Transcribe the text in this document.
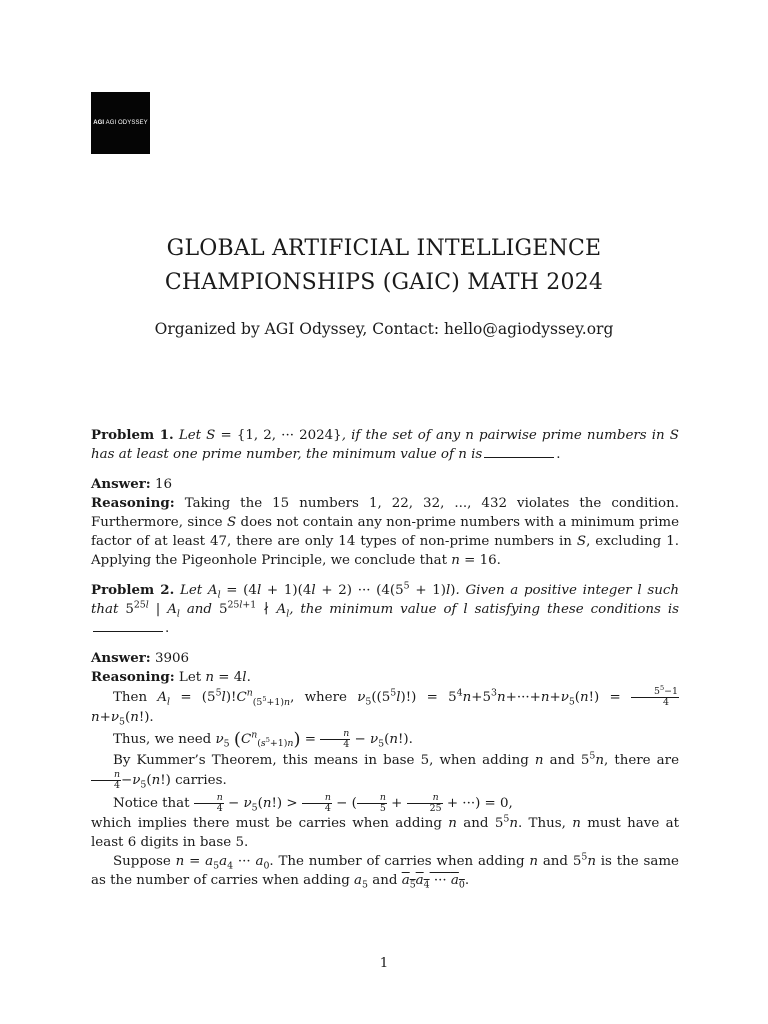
AGI AGI ODYSSEY
GLOBAL ARTIFICIAL INTELLIGENCE
CHAMPIONSHIPS (GAIC) MATH 2024
Organized by AGI Odyssey, Contact: hello@agiodyssey.org

Problem 1. Let S = {1, 2, ··· 2024}, if the set of any n pairwise prime numbers in S has at least one prime number, the minimum value of n is	.

Answer: 16

Reasoning: Taking the 15 numbers 1, 22, 32, ..., 432 violates the condition. Furthermore, since S does not contain any non-prime numbers with a minimum prime factor of at least 47, there are only 14 types of non-prime numbers in S, excluding 1. Applying the Pigeonhole Principle, we conclude that n = 16.

Problem 2. Let $A_l = (4l + 1)(4l + 2)$ ··· $(4(5^5 + 1)l)$. Given a positive integer l such that $5^{25l}$ | $A_l$ and $5^{25l+1}$ ∤ $A_l$, the minimum value of l satisfying these conditions is.

Answer: 3906

Reasoning: Let n = 4l.

Then $A_l = (5^5l)!C^n_{(5^5+1)n}$, where $\nu_5((5^5l)!) = 5^4n+5^3n+\cdot\cdot\cdot+n+\nu_5(n!) = \frac{5^5-1}{4}$
$n+\nu_5(n!)$.

Thus, we need $\nu_5$ $(C^n_{(s^5+1)n}) = \frac{n}{4} - \nu_5(n!)$.

By Kummer’s Theorem, this means in base 5, when adding n and $5^5n$, there are
$\frac{n}{4} -\nu_5(n!)$ carries.

Notice that $\frac{n}{4} - \nu_5(n!) > \frac{n}{4}$ − ( $\frac{n}{5} + \frac{n}{25}$ + ···) = 0,

which implies there must be carries when adding n and $5^5n$. Thus, n must have at least 6 digits in base 5.

Suppose $n = a_5a_4$ ··· $a_0$. The number of carries when adding n and $5^5n$ is the same as the number of carries when adding $a_5$ and $a_5a_4$ ··· $a_0$.

1
